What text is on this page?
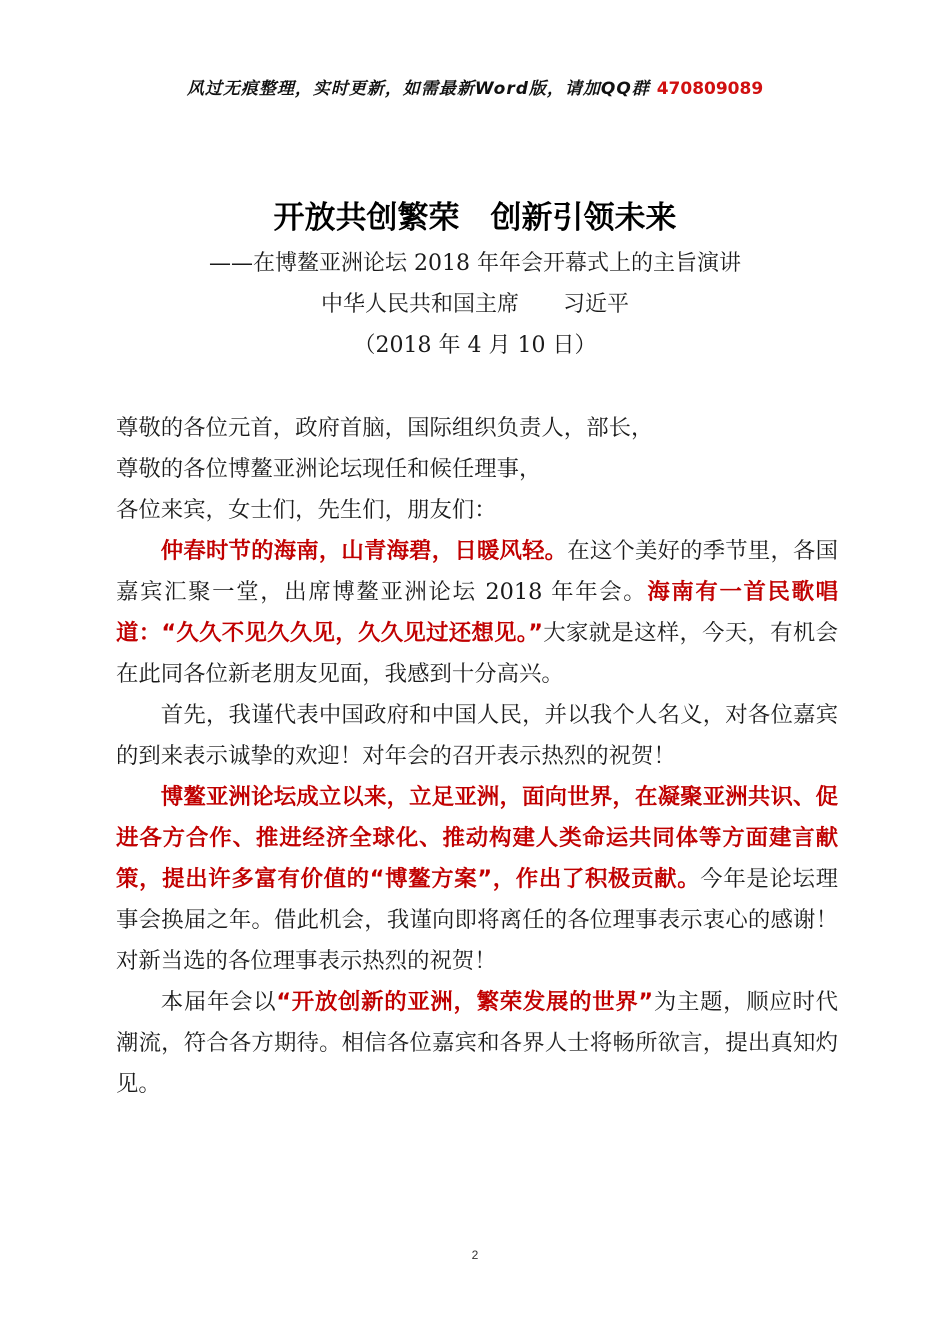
风过无痕整理，实时更新，如需最新Word版，请加QQ群 470809089
开放共创繁荣　创新引领未来
——在博鳌亚洲论坛 2018 年年会开幕式上的主旨演讲
中华人民共和国主席　　习近平
（2018 年 4 月 10 日）

尊敬的各位元首，政府首脑，国际组织负责人，部长，

尊敬的各位博鳌亚洲论坛现任和候任理事，

各位来宾，女士们，先生们，朋友们：

仲春时节的海南，山青海碧，日暖风轻。在这个美好的季节里，各国嘉宾汇聚一堂，出席博鳌亚洲论坛 2018 年年会。海南有一首民歌唱道：“久久不见久久见，久久见过还想见。”大家就是这样，今天，有机会在此同各位新老朋友见面，我感到十分高兴。

首先，我谨代表中国政府和中国人民，并以我个人名义，对各位嘉宾的到来表示诚挚的欢迎！对年会的召开表示热烈的祝贺！

博鳌亚洲论坛成立以来，立足亚洲，面向世界，在凝聚亚洲共识、促进各方合作、推进经济全球化、推动构建人类命运共同体等方面建言献策，提出许多富有价值的“博鳌方案”，作出了积极贡献。今年是论坛理事会换届之年。借此机会，我谨向即将离任的各位理事表示衷心的感谢！对新当选的各位理事表示热烈的祝贺！

本届年会以“开放创新的亚洲，繁荣发展的世界”为主题，顺应时代潮流，符合各方期待。相信各位嘉宾和各界人士将畅所欲言，提出真知灼见。

2
